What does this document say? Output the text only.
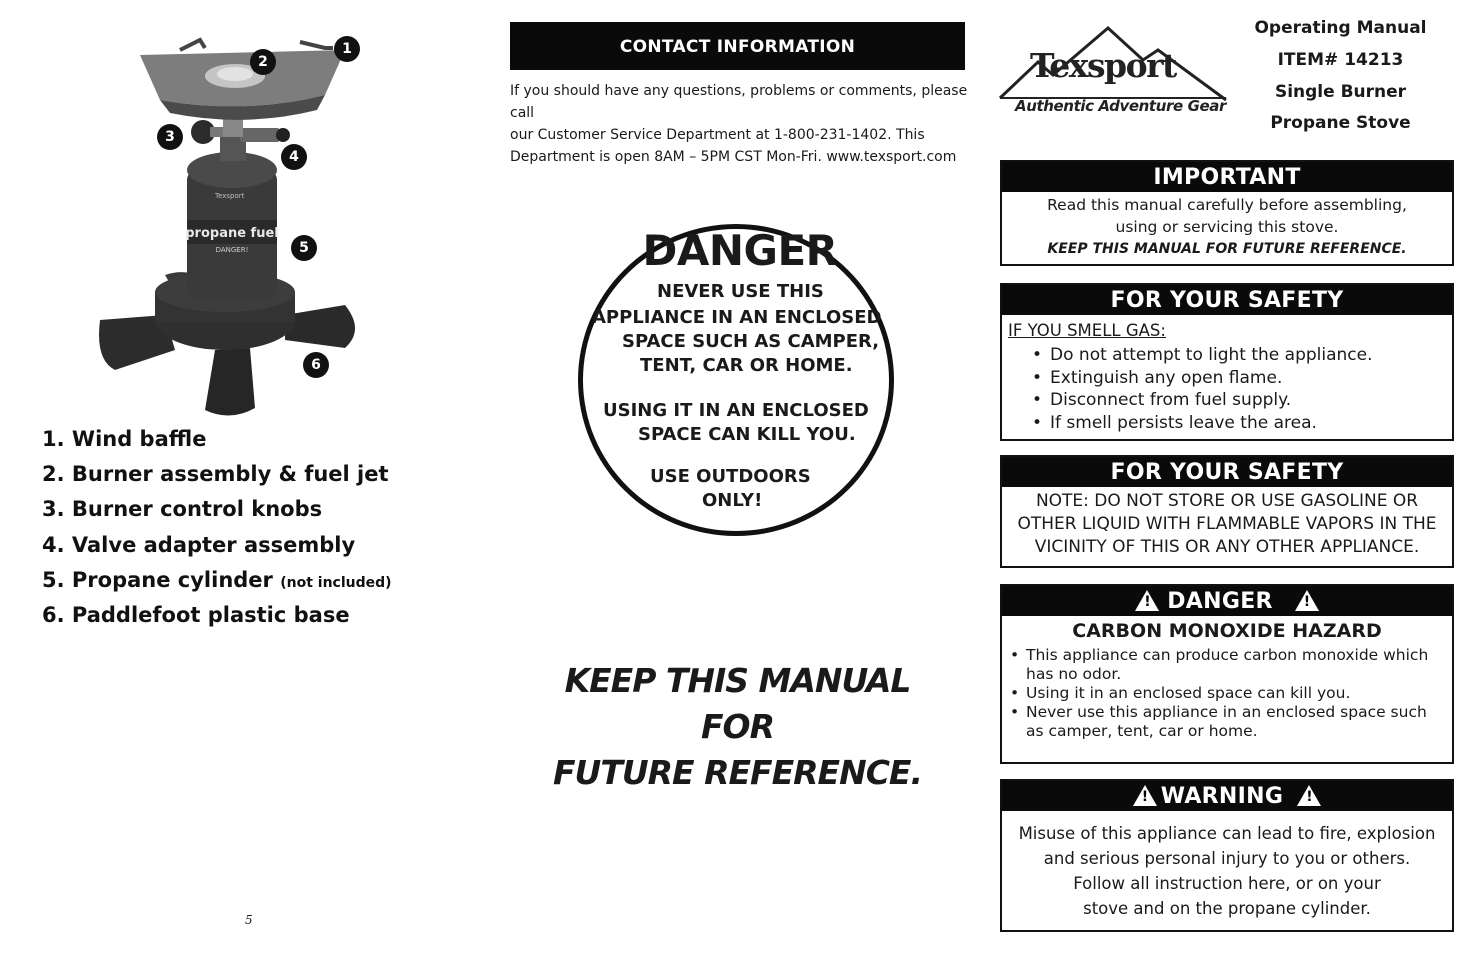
propane fuel
DANGER!
Texsport
1
2
3
4
5
6
1. Wind baffle
2. Burner assembly & fuel jet
3. Burner control knobs
4. Valve adapter assembly
5. Propane cylinder (not included)
6. Paddlefoot plastic base
5
CONTACT INFORMATION
If you should have any questions, problems or comments, please call
our Customer Service Department at 1-800-231-1402. This
Department is open 8AM – 5PM CST Mon-Fri. www.texsport.com
DANGER
NEVER USE THIS
APPLIANCE IN AN ENCLOSED
SPACE SUCH AS CAMPER,
TENT, CAR OR HOME.
USING IT IN AN ENCLOSED
SPACE CAN KILL YOU.
USE OUTDOORS
ONLY!
KEEP THIS MANUAL FOR
FUTURE REFERENCE.
Texsport
Authentic Adventure Gear
Operating Manual
ITEM# 14213
Single Burner
Propane Stove
IMPORTANT
Read this manual carefully before assembling,
using or servicing this stove.
KEEP THIS MANUAL FOR FUTURE REFERENCE.
FOR YOUR SAFETY
IF YOU SMELL GAS:
• Do not attempt to light the appliance.
• Extinguish any open flame.
• Disconnect from fuel supply.
• If smell persists leave the area.
FOR YOUR SAFETY
NOTE: DO NOT STORE OR USE GASOLINE OR
OTHER LIQUID WITH FLAMMABLE VAPORS IN THE
VICINITY OF THIS OR ANY OTHER APPLIANCE.
!DANGER!
CARBON MONOXIDE HAZARD
• This appliance can produce carbon monoxide which has no odor.
• Using it in an enclosed space can kill you.
• Never use this appliance in an enclosed space such as camper, tent, car or home.
!WARNING!
Misuse of this appliance can lead to fire, explosion
and serious personal injury to you or others.
Follow all instruction here, or on your
stove and on the propane cylinder.
